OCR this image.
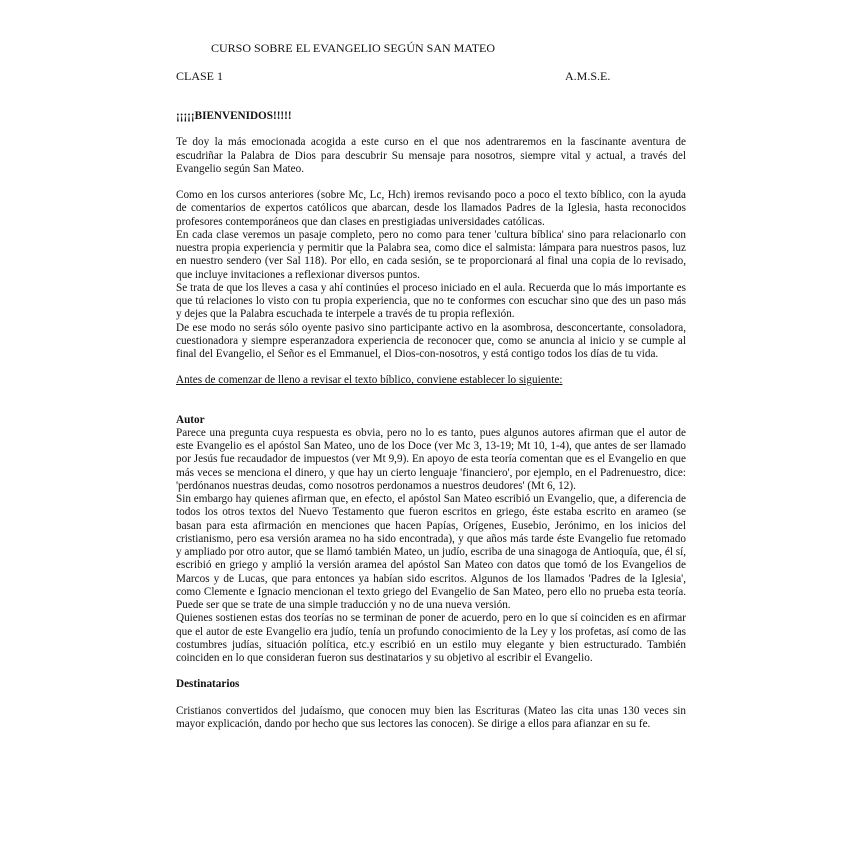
CURSO SOBRE EL EVANGELIO SEGÚN SAN MATEO
CLASE 1	A.M.S.E.

¡¡¡¡¡BIENVENIDOS!!!!!

Te doy la más emocionada acogida a este curso en el que nos adentraremos en la fascinante aventura de escudriñar la Palabra de Dios para descubrir Su mensaje para nosotros, siempre vital y actual, a través del Evangelio según San Mateo.

Como en los cursos anteriores (sobre Mc, Lc, Hch) iremos revisando poco a poco el texto bíblico, con la ayuda de comentarios de expertos católicos que abarcan, desde los llamados Padres de la Iglesia, hasta reconocidos profesores contemporáneos que dan clases en prestigiadas universidades católicas.

En cada clase veremos un pasaje completo, pero no como para tener 'cultura bíblica' sino para relacionarlo con nuestra propia experiencia y permitir que la Palabra sea, como dice el salmista: lámpara para nuestros pasos, luz en nuestro sendero (ver Sal 118). Por ello, en cada sesión, se te proporcionará al final una copia de lo revisado, que incluye invitaciones a reflexionar diversos puntos.

Se trata de que los lleves a casa y ahí continúes el proceso iniciado en el aula. Recuerda que lo más importante es que tú relaciones lo visto con tu propia experiencia, que no te conformes con escuchar sino que des un paso más y dejes que la Palabra escuchada te interpele a través de tu propia reflexión.

De ese modo no serás sólo oyente pasivo sino participante activo en la asombrosa, desconcertante, consoladora, cuestionadora y siempre esperanzadora experiencia de reconocer que, como se anuncia al inicio y se cumple al final del Evangelio, el Señor es el Emmanuel, el Dios-con-nosotros, y está contigo todos los días de tu vida.

Antes de comenzar de lleno a revisar el texto bíblico, conviene establecer lo siguiente:

Autor

Parece una pregunta cuya respuesta es obvia, pero no lo es tanto, pues algunos autores afirman que el autor de este Evangelio es el apóstol San Mateo, uno de los Doce (ver Mc 3, 13-19; Mt 10, 1-4), que antes de ser llamado por Jesús fue recaudador de impuestos (ver Mt 9,9). En apoyo de esta teoría comentan que es el Evangelio en que más veces se menciona el dinero, y que hay un cierto lenguaje 'financiero', por ejemplo, en el Padrenuestro, dice: 'perdónanos nuestras deudas, como nosotros perdonamos a nuestros deudores' (Mt 6, 12).

Sin embargo hay quienes afirman que, en efecto, el apóstol San Mateo escribió un Evangelio, que, a diferencia de todos los otros textos del Nuevo Testamento que fueron escritos en griego, éste estaba escrito en arameo (se basan para esta afirmación en menciones que hacen Papías, Orígenes, Eusebio, Jerónimo, en los inicios del cristianismo, pero esa versión aramea no ha sido encontrada), y que años más tarde éste Evangelio fue retomado y ampliado por otro autor, que se llamó también Mateo, un judío, escriba de una sinagoga de Antioquía, que, él sí, escribió en griego y amplió la versión aramea del apóstol San Mateo con datos que tomó de los Evangelios de Marcos y de Lucas, que para entonces ya habían sido escritos. Algunos de los llamados 'Padres de la Iglesia', como Clemente e Ignacio mencionan el texto griego del Evangelio de San Mateo, pero ello no prueba esta teoría. Puede ser que se trate de una simple traducción y no de una nueva versión.

Quienes sostienen estas dos teorías no se terminan de poner de acuerdo, pero en lo que sí coinciden es en afirmar que el autor de este Evangelio era judío, tenía un profundo conocimiento de la Ley y los profetas, así como de las costumbres judías, situación política, etc.y escribió en un estilo muy elegante y bien estructurado. También coinciden en lo que consideran fueron sus destinatarios y su objetivo al escribir el Evangelio.

Destinatarios

Cristianos convertidos del judaísmo, que conocen muy bien las Escrituras (Mateo las cita unas 130 veces sin mayor explicación, dando por hecho que sus lectores las conocen). Se dirige a ellos para afianzar en su fe.
